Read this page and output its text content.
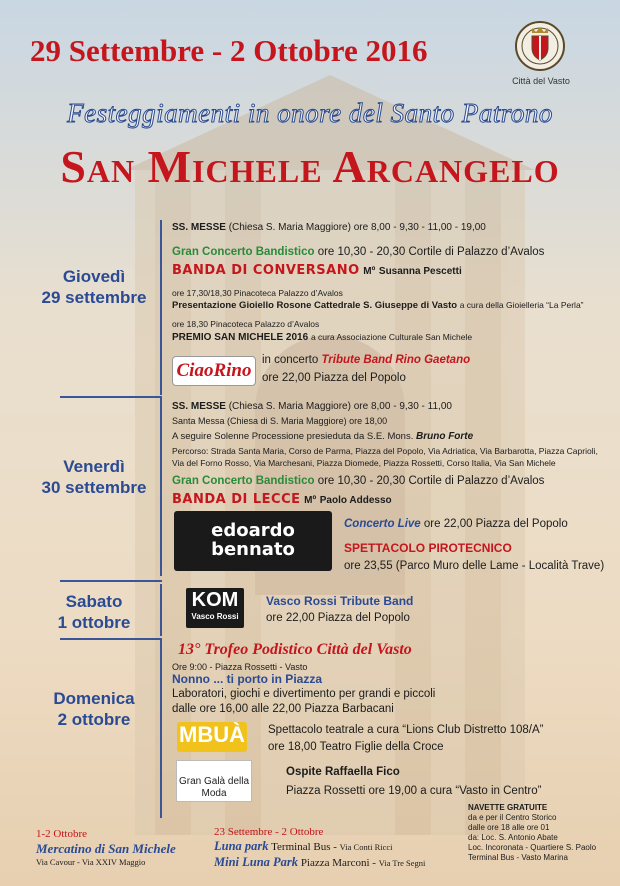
29 Settembre - 2 Ottobre 2016
Città del Vasto
Festeggiamenti in onore del Santo Patrono
San Michele Arcangelo
Giovedì
29 settembre
Venerdì
30 settembre
Sabato
1 ottobre
Domenica
2 ottobre
SS. MESSE (Chiesa S. Maria Maggiore) ore 8,00 - 9,30 - 11,00 - 19,00
Gran Concerto Bandistico ore 10,30 - 20,30 Cortile di Palazzo d’Avalos
BANDA DI CONVERSANO Mº Susanna Pescetti
ore 17,30/18,30 Pinacoteca Palazzo d’Avalos
Presentazione Gioiello Rosone Cattedrale S. Giuseppe di Vasto a cura della Gioielleria “La Perla”
ore 18,30 Pinacoteca Palazzo d’Avalos
PREMIO SAN MICHELE 2016 a cura Associazione Culturale San Michele
CiaoRino in concerto Tribute Band Rino Gaetano
ore 22,00 Piazza del Popolo
SS. MESSE (Chiesa S. Maria Maggiore) ore 8,00 - 9,30 - 11,00
Santa Messa (Chiesa di S. Maria Maggiore) ore 18,00
A seguire Solenne Processione presieduta da S.E. Mons. Bruno Forte
Percorso: Strada Santa Maria, Corso de Parma, Piazza del Popolo, Via Adriatica, Via Barbarotta, Piazza Caprioli,
Via del Forno Rosso, Via Marchesani, Piazza Diomede, Piazza Rossetti, Corso Italia, Via San Michele
Gran Concerto Bandistico ore 10,30 - 20,30 Cortile di Palazzo d’Avalos
BANDA DI LECCE Mº Paolo Addesso
edoardo
bennato
Concerto Live ore 22,00 Piazza del Popolo
SPETTACOLO PIROTECNICO
ore 23,55 (Parco Muro delle Lame - Località Trave)
KOM
Vasco Rossi
Vasco Rossi Tribute Band
ore 22,00 Piazza del Popolo
13° Trofeo Podistico Città del Vasto
Ore 9:00 - Piazza Rossetti - Vasto
Nonno ... ti porto in Piazza
Laboratori, giochi e divertimento per grandi e piccoli
dalle ore 16,00 alle 22,00 Piazza Barbacani
MBUÀ Spettacolo teatrale a cura “Lions Club Distretto 108/A”
ore 18,00 Teatro Figlie della Croce
Gran Galà della Moda
Ospite Raffaella Fico
Piazza Rossetti ore 19,00 a cura “Vasto in Centro”
NAVETTE GRATUITE
da e per il Centro Storico
dalle ore 18 alle ore 01
da: Loc. S. Antonio Abate
Loc. Incoronata - Quartiere S. Paolo
Terminal Bus - Vasto Marina
1-2 Ottobre
Mercatino di San Michele
Via Cavour - Via XXIV Maggio
23 Settembre - 2 Ottobre
Luna park Terminal Bus - Via Conti Ricci
Mini Luna Park Piazza Marconi - Via Tre Segni
